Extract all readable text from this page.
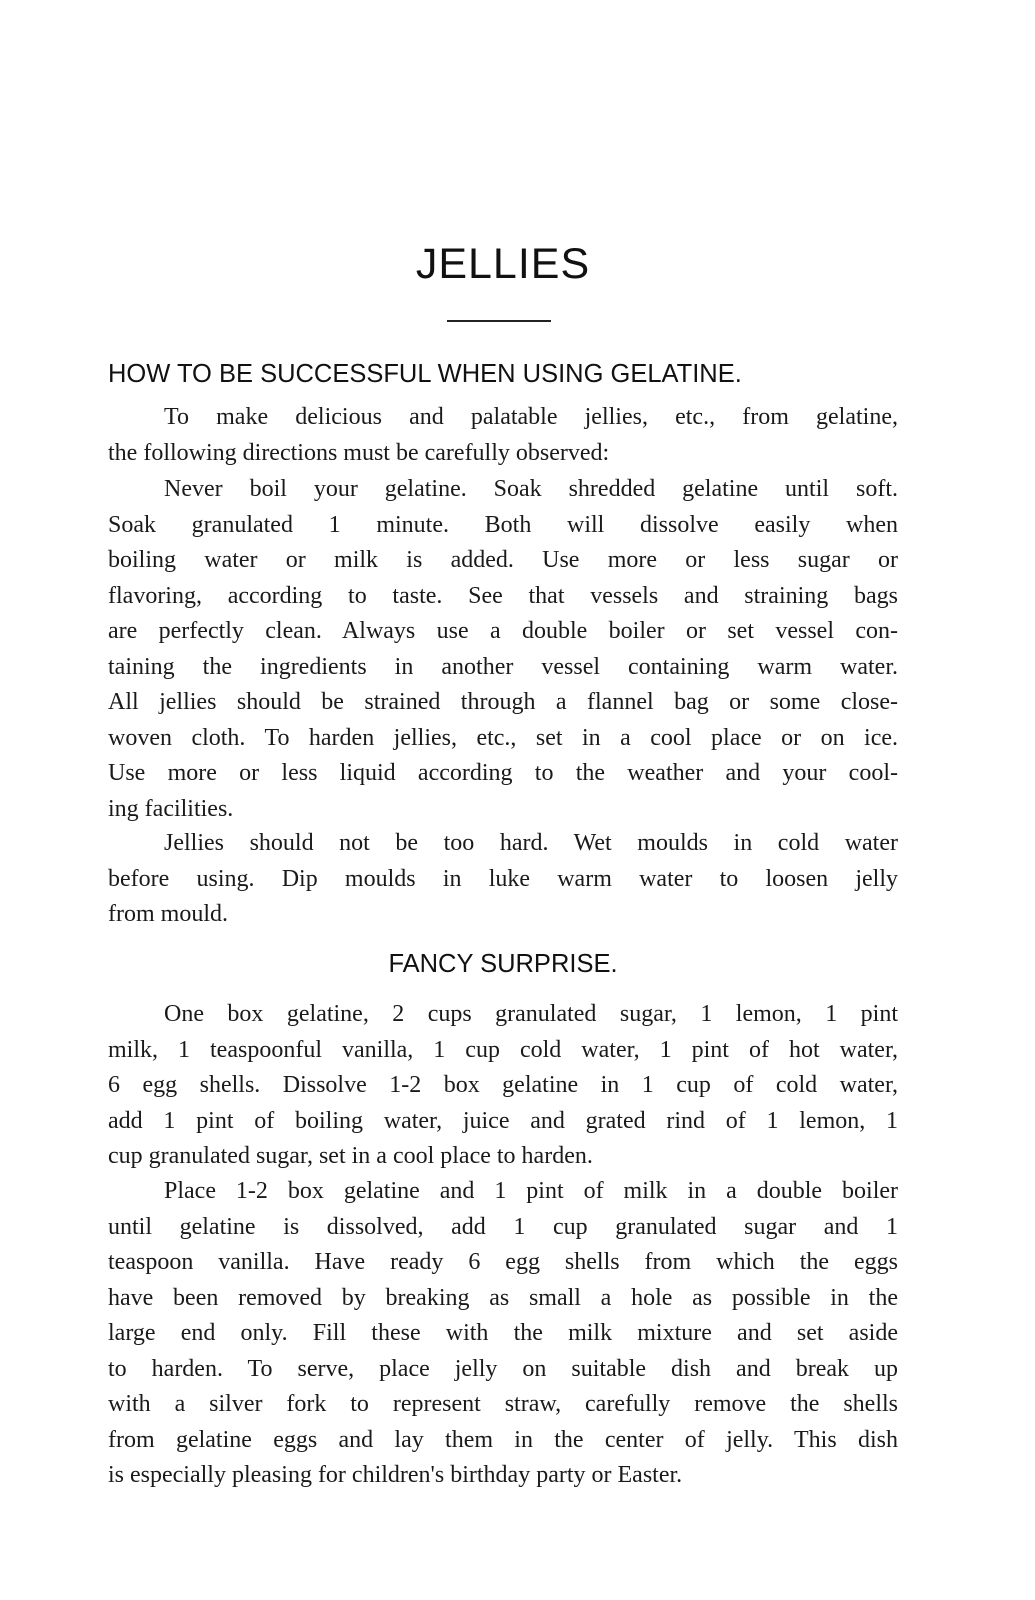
JELLIES
HOW TO BE SUCCESSFUL WHEN USING GELATINE.

To make delicious and palatable jellies, etc., from gelatine,
the following directions must be carefully observed:

Never boil your gelatine. Soak shredded gelatine until soft.
Soak granulated 1 minute. Both will dissolve easily when
boiling water or milk is added. Use more or less sugar or
flavoring, according to taste. See that vessels and straining bags
are perfectly clean. Always use a double boiler or set vessel con-
taining the ingredients in another vessel containing warm water.
All jellies should be strained through a flannel bag or some close-
woven cloth. To harden jellies, etc., set in a cool place or on ice.
Use more or less liquid according to the weather and your cool-
ing facilities.

Jellies should not be too hard. Wet moulds in cold water
before using. Dip moulds in luke warm water to loosen jelly
from mould.

FANCY SURPRISE.

One box gelatine, 2 cups granulated sugar, 1 lemon, 1 pint
milk, 1 teaspoonful vanilla, 1 cup cold water, 1 pint of hot water,
6 egg shells. Dissolve 1-2 box gelatine in 1 cup of cold water,
add 1 pint of boiling water, juice and grated rind of 1 lemon, 1
cup granulated sugar, set in a cool place to harden.

Place 1-2 box gelatine and 1 pint of milk in a double boiler
until gelatine is dissolved, add 1 cup granulated sugar and 1
teaspoon vanilla. Have ready 6 egg shells from which the eggs
have been removed by breaking as small a hole as possible in the
large end only. Fill these with the milk mixture and set aside
to harden. To serve, place jelly on suitable dish and break up
with a silver fork to represent straw, carefully remove the shells
from gelatine eggs and lay them in the center of jelly. This dish
is especially pleasing for children's birthday party or Easter.
